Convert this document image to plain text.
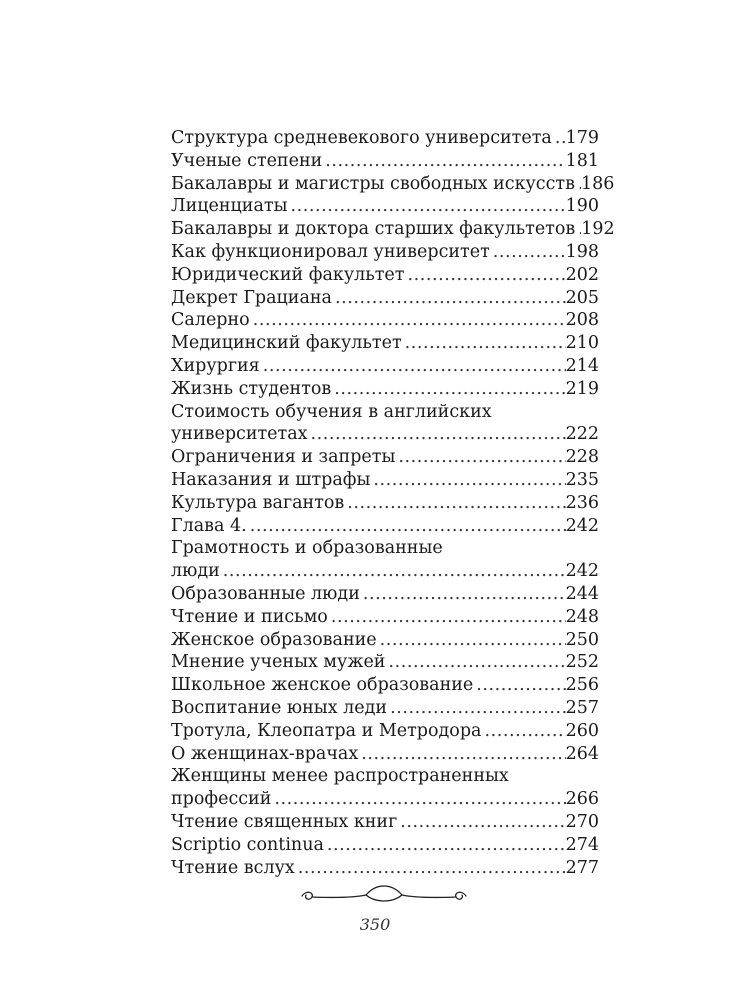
Структура средневекового университета . . . 179
Ученые степени . . .	181
Бакалавры и магистры свободных искусств . . . 186
Лиценциаты . . .	190
Бакалавры и доктора старших факультетов . . . 192
Как функционировал университет . . .	198
Юридический факультет . . .	202
Декрет Грациана . . .	205
Салерно . . .	208
Медицинский факультет . . .	210
Хирургия . . .	214
Жизнь студентов . . .	219
Стоимость обучения в английских
университетах . . .	222
Ограничения и запреты . . .	228
Наказания и штрафы . . .	235
Культура вагантов . . .	236
Глава 4. . . .	242
Грамотность и образованные
люди . . .	242
Образованные люди . . .	244
Чтение и письмо . . .	248
Женское образование . . .	250
Мнение ученых мужей . . .	252
Школьное женское образование . . .	256
Воспитание юных леди . . .	257
Тротула, Клеопатра и Метродора . . .	260
О женщинах-врачах . . .	264
Женщины менее распространенных
профессий . . .	266
Чтение священных книг . . .	270
Scriptio continua . . .	274
Чтение вслух . . .	277
350
